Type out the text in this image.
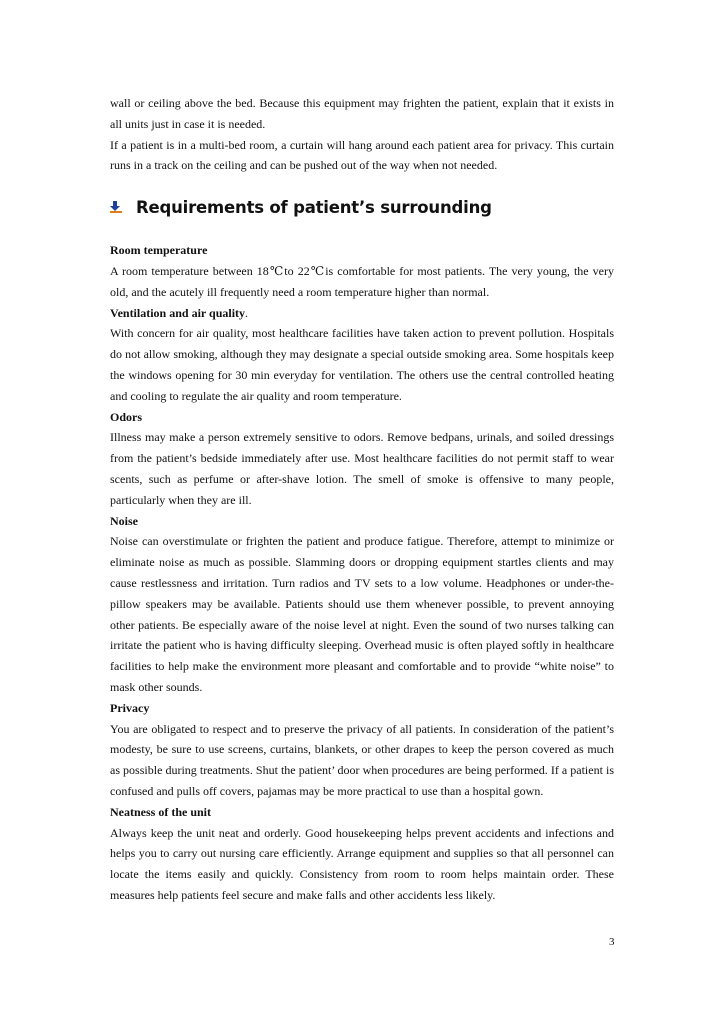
wall or ceiling above the bed. Because this equipment may frighten the patient, explain that it exists in all units just in case it is needed.

If a patient is in a multi-bed room, a curtain will hang around each patient area for privacy. This curtain runs in a track on the ceiling and can be pushed out of the way when not needed.

Requirements of patient’s surrounding
Room temperature

A room temperature between 18℃to 22℃is comfortable for most patients. The very young, the very old, and the acutely ill frequently need a room temperature higher than normal.

Ventilation and air quality.

With concern for air quality, most healthcare facilities have taken action to prevent pollution. Hospitals do not allow smoking, although they may designate a special outside smoking area. Some hospitals keep the windows opening for 30 min everyday for ventilation. The others use the central controlled heating and cooling to regulate the air quality and room temperature.

Odors

Illness may make a person extremely sensitive to odors. Remove bedpans, urinals, and soiled dressings from the patient’s bedside immediately after use. Most healthcare facilities do not permit staff to wear scents, such as perfume or after-shave lotion. The smell of smoke is offensive to many people, particularly when they are ill.

Noise

Noise can overstimulate or frighten the patient and produce fatigue. Therefore, attempt to minimize or eliminate noise as much as possible. Slamming doors or dropping equipment startles clients and may cause restlessness and irritation. Turn radios and TV sets to a low volume. Headphones or under-the-pillow speakers may be available. Patients should use them whenever possible, to prevent annoying other patients. Be especially aware of the noise level at night. Even the sound of two nurses talking can irritate the patient who is having difficulty sleeping. Overhead music is often played softly in healthcare facilities to help make the environment more pleasant and comfortable and to provide “white noise” to mask other sounds.

Privacy

You are obligated to respect and to preserve the privacy of all patients. In consideration of the patient’s modesty, be sure to use screens, curtains, blankets, or other drapes to keep the person covered as much as possible during treatments. Shut the patient’ door when procedures are being performed. If a patient is confused and pulls off covers, pajamas may be more practical to use than a hospital gown.

Neatness of the unit

Always keep the unit neat and orderly. Good housekeeping helps prevent accidents and infections and helps you to carry out nursing care efficiently. Arrange equipment and supplies so that all personnel can locate the items easily and quickly. Consistency from room to room helps maintain order. These measures help patients feel secure and make falls and other accidents less likely.

3
